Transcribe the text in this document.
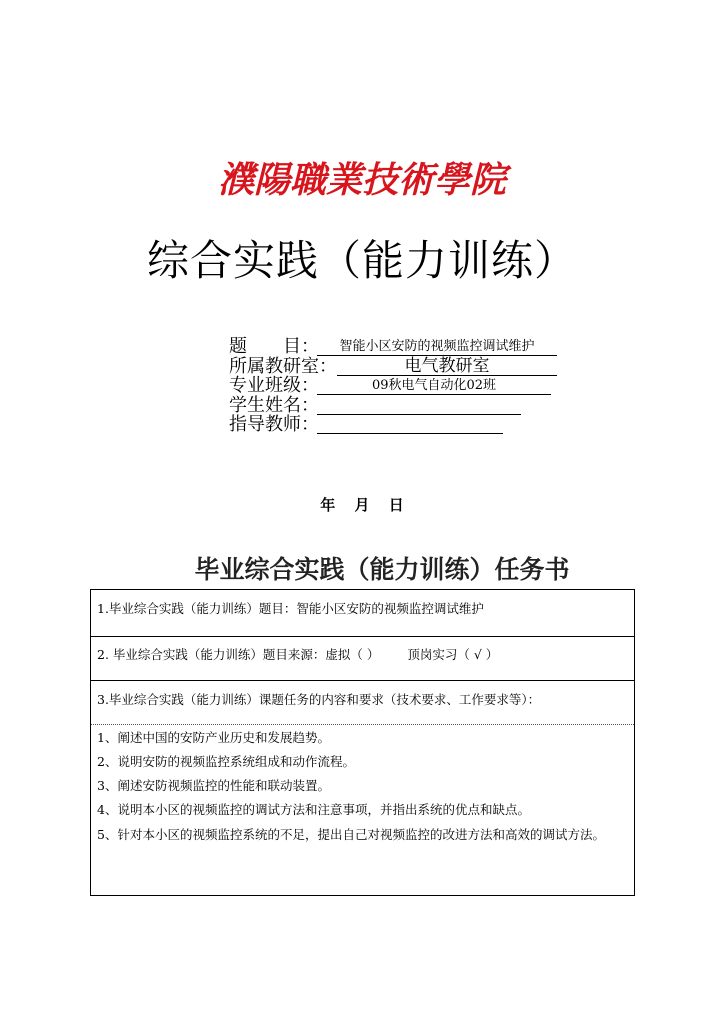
濮陽職業技術學院
综合实践（能力训练）
题　　目：	智能小区安防的视频监控调试维护
所属教研室：	电气教研室
专业班级：	09秋电气自动化02班
学生姓名：
指导教师：
年 月 日
毕业综合实践（能力训练）任务书
1.毕业综合实践（能力训练）题目：智能小区安防的视频监控调试维护
2. 毕业综合实践（能力训练）题目来源：虚拟（ ） 顶岗实习（ √ ）
3.毕业综合实践（能力训练）课题任务的内容和要求（技术要求、工作要求等）：
1、阐述中国的安防产业历史和发展趋势。
2、说明安防的视频监控系统组成和动作流程。
3、阐述安防视频监控的性能和联动装置。
4、说明本小区的视频监控的调试方法和注意事项，并指出系统的优点和缺点。
5、针对本小区的视频监控系统的不足，提出自己对视频监控的改进方法和高效的调试方法。
